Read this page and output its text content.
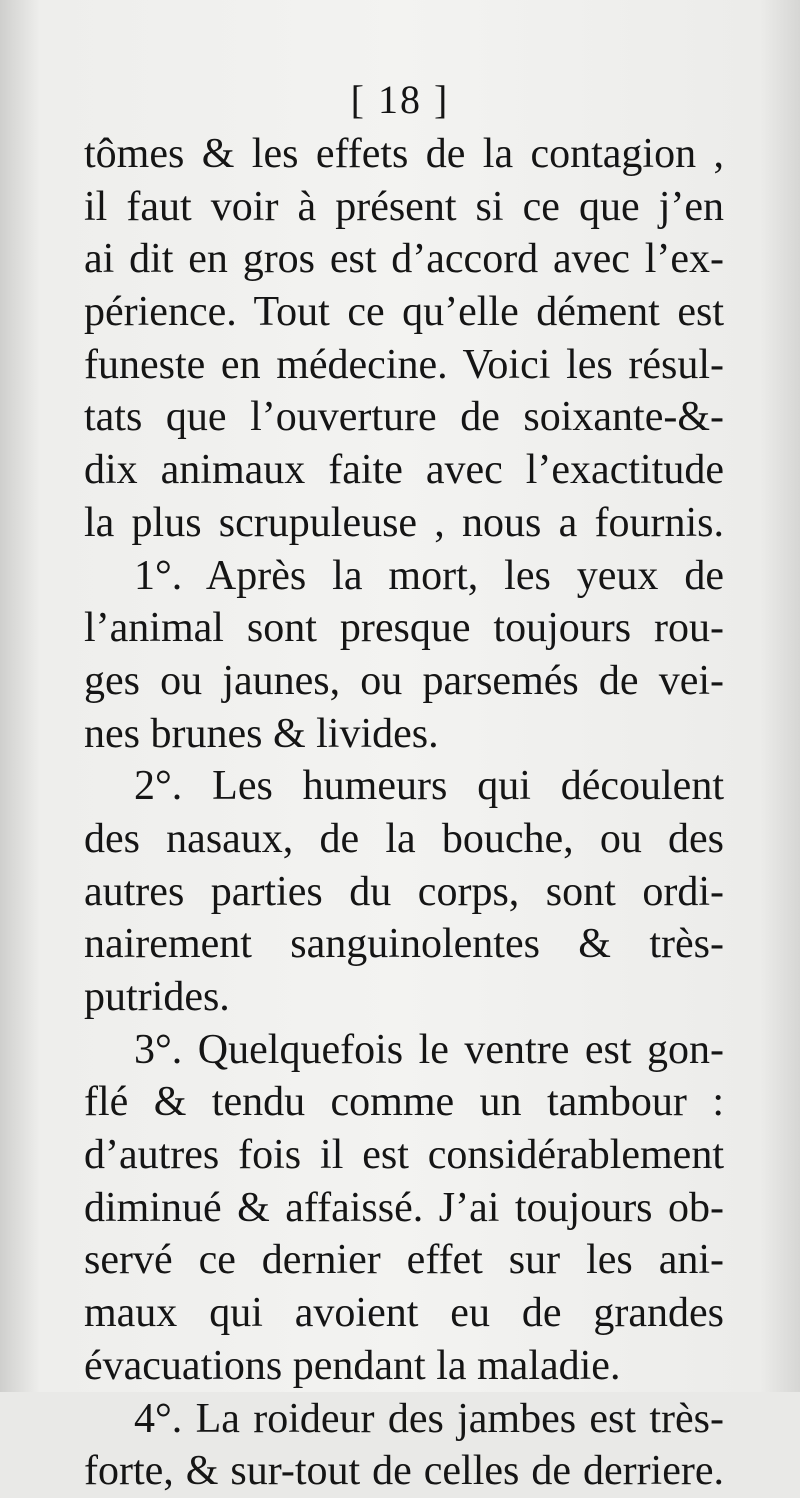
[ 18 ]
tômes & les effets de la contagion ,
il faut voir à présent si ce que j’en
ai dit en gros est d’accord avec l’ex-
périence. Tout ce qu’elle dément est
funeste en médecine. Voici les résul-
tats que l’ouverture de soixante-&-
dix animaux faite avec l’exactitude
la plus scrupuleuse , nous a fournis.
1°. Après la mort, les yeux de
l’animal sont presque toujours rou-
ges ou jaunes, ou parsemés de vei-
nes brunes & livides.
2°. Les humeurs qui découlent
des nasaux, de la bouche, ou des
autres parties du corps, sont ordi-
nairement sanguinolentes & très-
putrides.
3°. Quelquefois le ventre est gon-
flé & tendu comme un tambour :
d’autres fois il est considérablement
diminué & affaissé. J’ai toujours ob-
servé ce dernier effet sur les ani-
maux qui avoient eu de grandes
évacuations pendant la maladie.
4°. La roideur des jambes est très-
forte, & sur-tout de celles de derriere.
